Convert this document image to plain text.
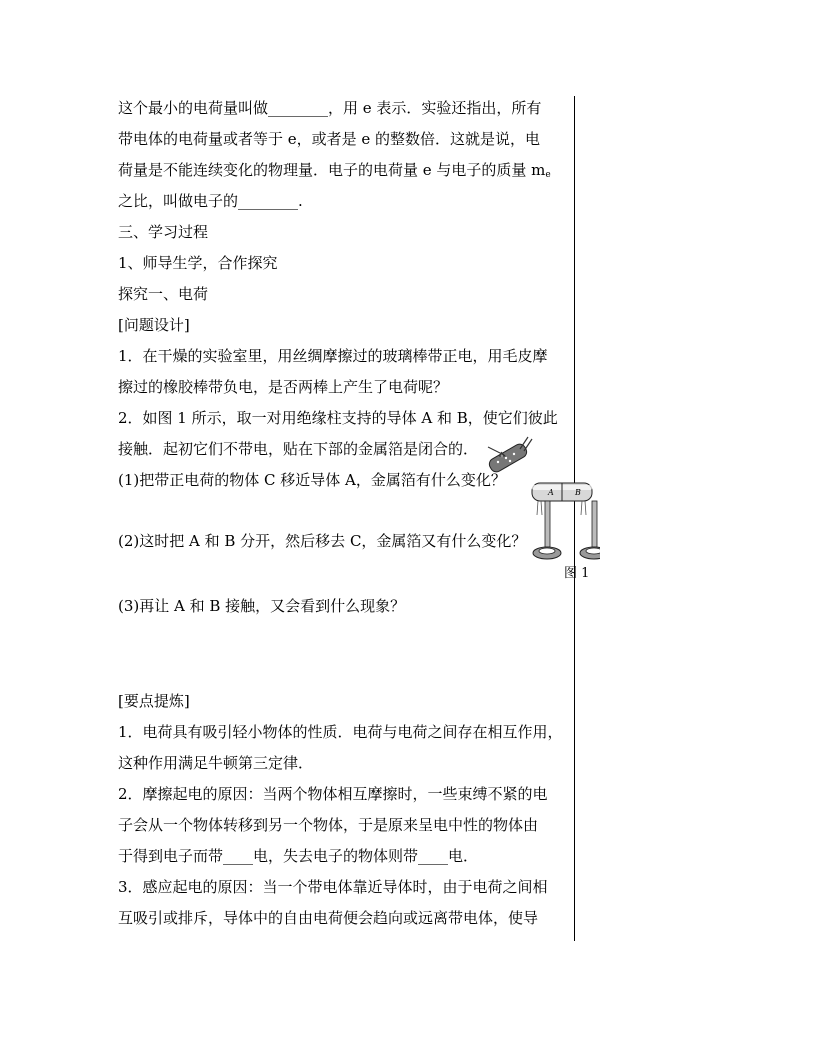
这个最小的电荷量叫做________，用 e 表示．实验还指出，所有
带电体的电荷量或者等于 e，或者是 e 的整数倍．这就是说，电
荷量是不能连续变化的物理量．电子的电荷量 e 与电子的质量 $m_e$
之比，叫做电子的________.
三、学习过程
1、师导生学，合作探究
探究一、电荷
[问题设计]
1．在干燥的实验室里，用丝绸摩擦过的玻璃棒带正电，用毛皮摩
擦过的橡胶棒带负电，是否两棒上产生了电荷呢？
2．如图 1 所示，取一对用绝缘柱支持的导体 A 和 B，使它们彼此
接触．起初它们不带电，贴在下部的金属箔是闭合的．
(1)把带正电荷的物体 C 移近导体 A，金属箔有什么变化？
(2)这时把 A 和 B 分开，然后移去 C，金属箔又有什么变化？
(3)再让 A 和 B 接触，又会看到什么现象？
[要点提炼]
1．电荷具有吸引轻小物体的性质．电荷与电荷之间存在相互作用，
这种作用满足牛顿第三定律．
2．摩擦起电的原因：当两个物体相互摩擦时，一些束缚不紧的电
子会从一个物体转移到另一个物体，于是原来呈电中性的物体由
于得到电子而带____电，失去电子的物体则带____电．
3．感应起电的原因：当一个带电体靠近导体时，由于电荷之间相
互吸引或排斥，导体中的自由电荷便会趋向或远离带电体，使导
A	B
图 1
